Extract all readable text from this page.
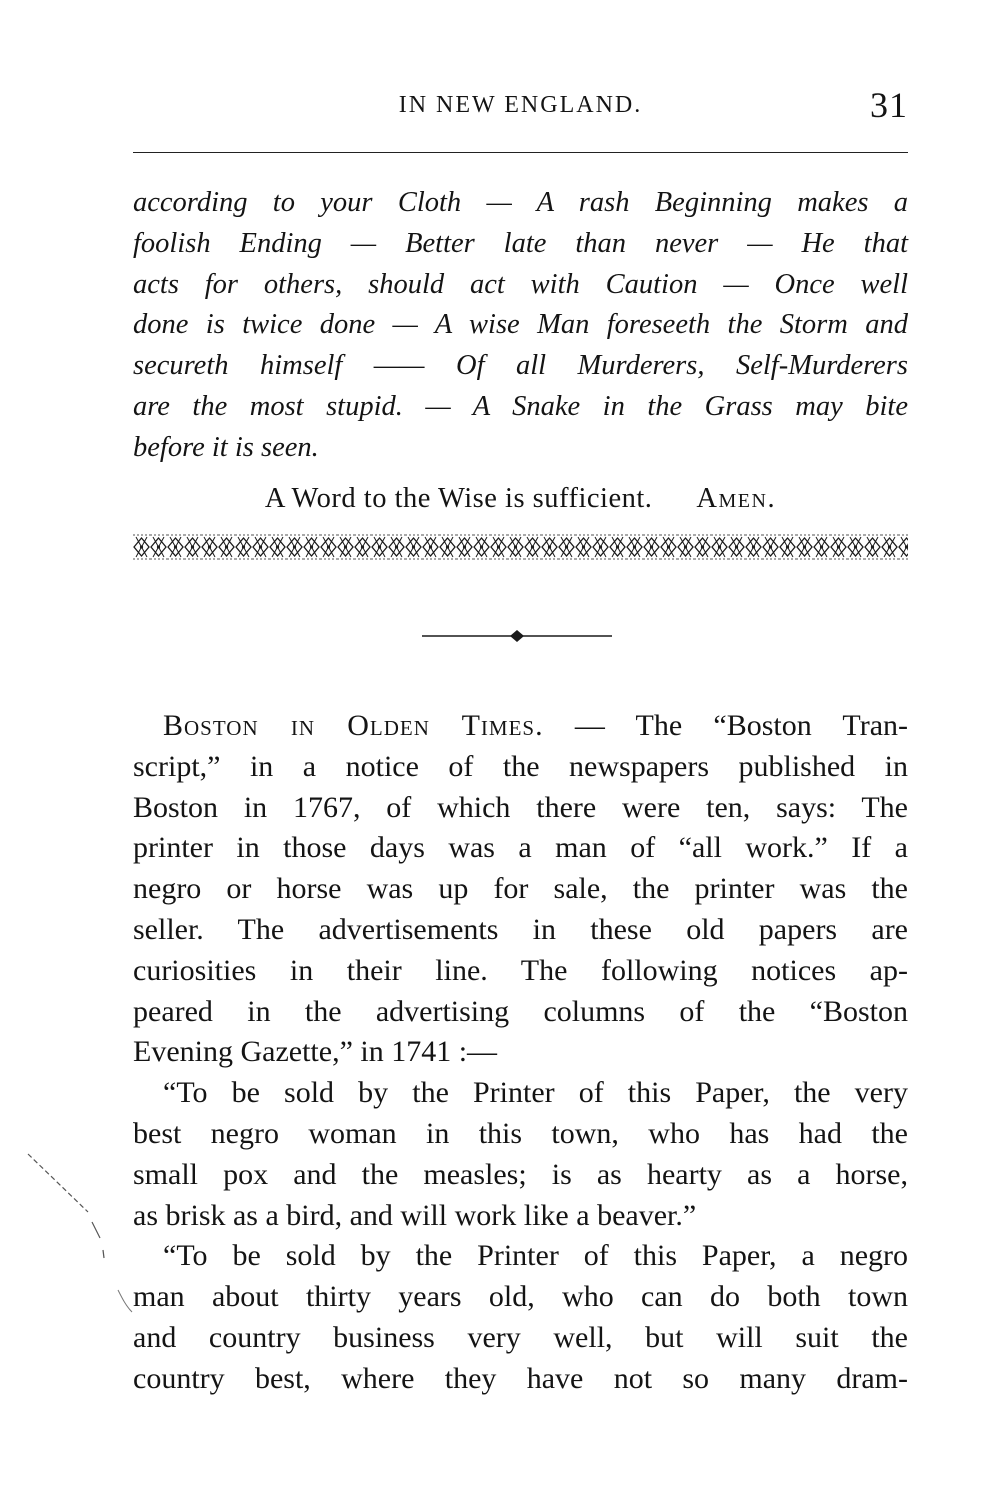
IN NEW ENGLAND.	31
according to your Cloth — A rash Beginning makes a
foolish Ending — Better late than never — He that
acts for others, should act with Caution — Once well
done is twice done — A wise Man foreseeth the Storm and
secureth himself —— Of all Murderers, Self-Murderers
are the most stupid. — A Snake in the Grass may bite
before it is seen.
A Word to the Wise is sufficient. Amen.
Boston in Olden Times. — The “Boston Tran-
script,” in a notice of the newspapers published in
Boston in 1767, of which there were ten, says: The
printer in those days was a man of “all work.” If a
negro or horse was up for sale, the printer was the
seller. The advertisements in these old papers are
curiosities in their line. The following notices ap-
peared in the advertising columns of the “Boston
Evening Gazette,” in 1741 :—
“To be sold by the Printer of this Paper, the very
best negro woman in this town, who has had the
small pox and the measles; is as hearty as a horse,
as brisk as a bird, and will work like a beaver.”
“To be sold by the Printer of this Paper, a negro
man about thirty years old, who can do both town
and country business very well, but will suit the
country best, where they have not so many dram-
